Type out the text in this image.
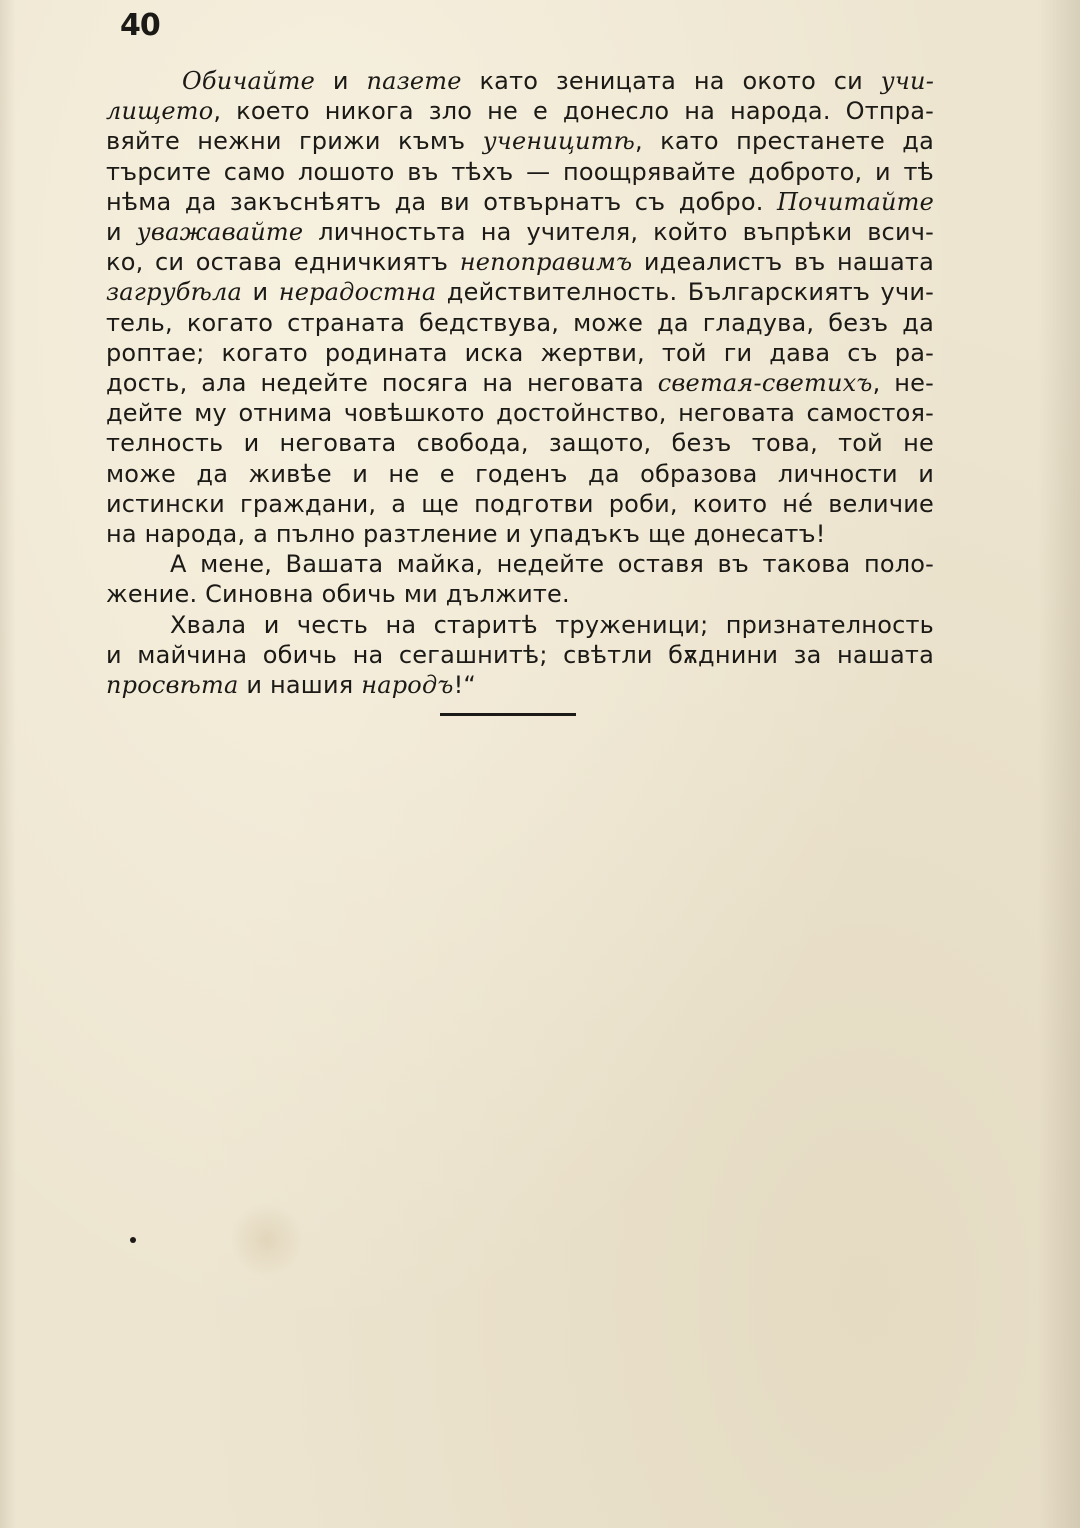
40
Обичайте и пазете като зеницата на окото си учи-
лището, което никога зло не е донесло на народа. Отпра-
вяйте нежни грижи къмъ ученицитѣ, като престанете да
търсите само лошото въ тѣхъ — поощрявайте доброто, и тѣ
нѣма да закъснѣятъ да ви отвърнатъ съ добро. Почитайте
и уважавайте личностьта на учителя, който въпрѣки всич-
ко, си остава едничкиятъ непоправимъ идеалистъ въ нашата
загрубѣла и нерадостна действителность. Българскиятъ учи-
тель, когато страната бедствува, може да гладува, безъ да
роптае; когато родината иска жертви, той ги дава съ ра-
дость, ала недейте посяга на неговата светая-светихъ, не-
дейте му отнима човѣшкото достойнство, неговата самостоя-
телность и неговата свобода, защото, безъ това, той не
може да живѣе и не е годенъ да образова личности и
истински граждани, а ще подготви роби, които нé величие
на народа, а пълно разтление и упадъкъ ще донесатъ!
А мене, Вашата майка, недейте оставя въ такова поло-
жение. Синовна обичь ми дължите.
Хвала и честь на старитѣ труженици; признателность
и майчина обичь на сегашнитѣ; свѣтли бѫднини за нашата
просвѣта и нашия народъ!“
